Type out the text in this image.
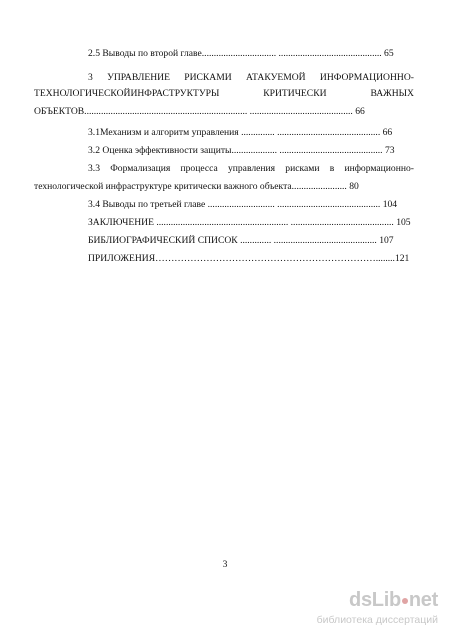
2.5 Выводы по второй главе............................... ........................................... 65
3 УПРАВЛЕНИЕ РИСКАМИ АТАКУЕМОЙ ИНФОРМАЦИОННО-
ТЕХНОЛОГИЧЕСКОЙИНФРАСТРУКТУРЫ	КРИТИЧЕСКИ	ВАЖНЫХ
ОБЪЕКТОВ.................................................................... ........................................... 66
3.1Механизм и алгоритм управления .............. ........................................... 66
3.2 Оценка эффективности защиты................... ........................................... 73
3.3 Формализация процесса управления рисками в информационно-
технологической инфраструктуре критически важного объекта....................... 80
3.4 Выводы по третьей главе ............................ ........................................... 104
ЗАКЛЮЧЕНИЕ ....................................................... ........................................... 105
БИБЛИОГРАФИЧЕСКИЙ СПИСОК ............. ........................................... 107
ПРИЛОЖЕНИЯ……………………………………………………………........121
3
dsLib net
библиотека диссертаций
